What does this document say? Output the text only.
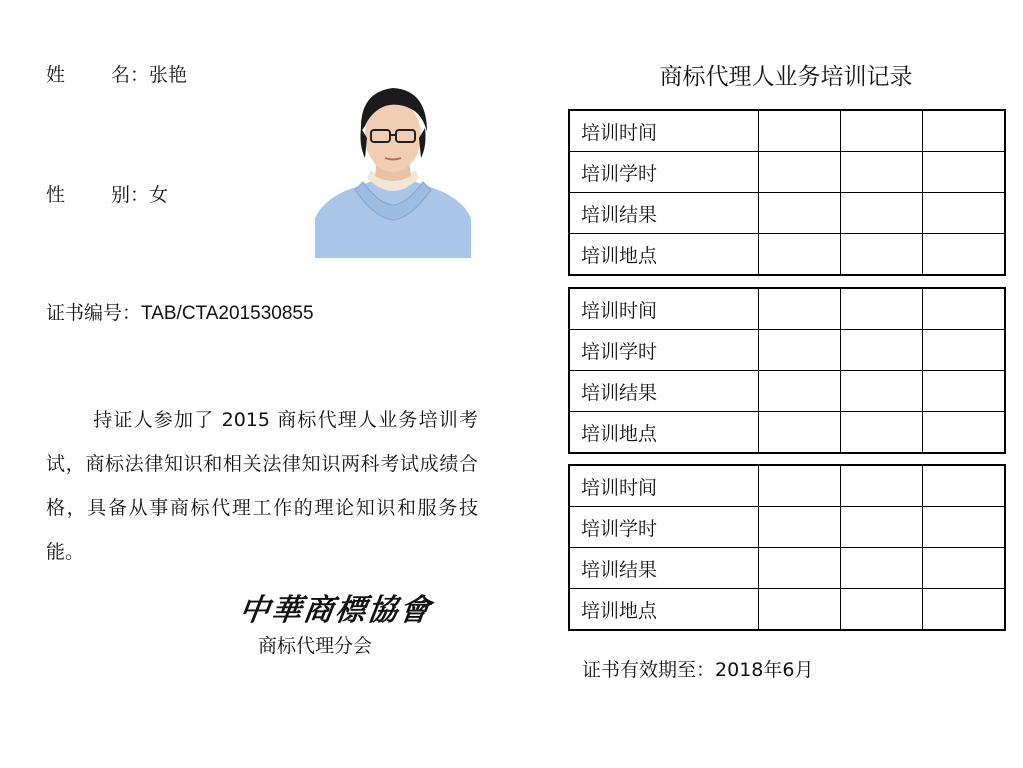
姓 名：张艳
性 别：女
证书编号：TAB/CTA201530855
持证人参加了 2015 商标代理人业务培训考试，商标法律知识和相关法律知识两科考试成绩合格，具备从事商标代理工作的理论知识和服务技能。
中華商標協會
商标代理分会
商标代理人业务培训记录
培训时间			
培训学时			
培训结果			
培训地点			
培训时间			
培训学时			
培训结果			
培训地点			
培训时间			
培训学时			
培训结果			
培训地点			
证书有效期至：2018年6月
